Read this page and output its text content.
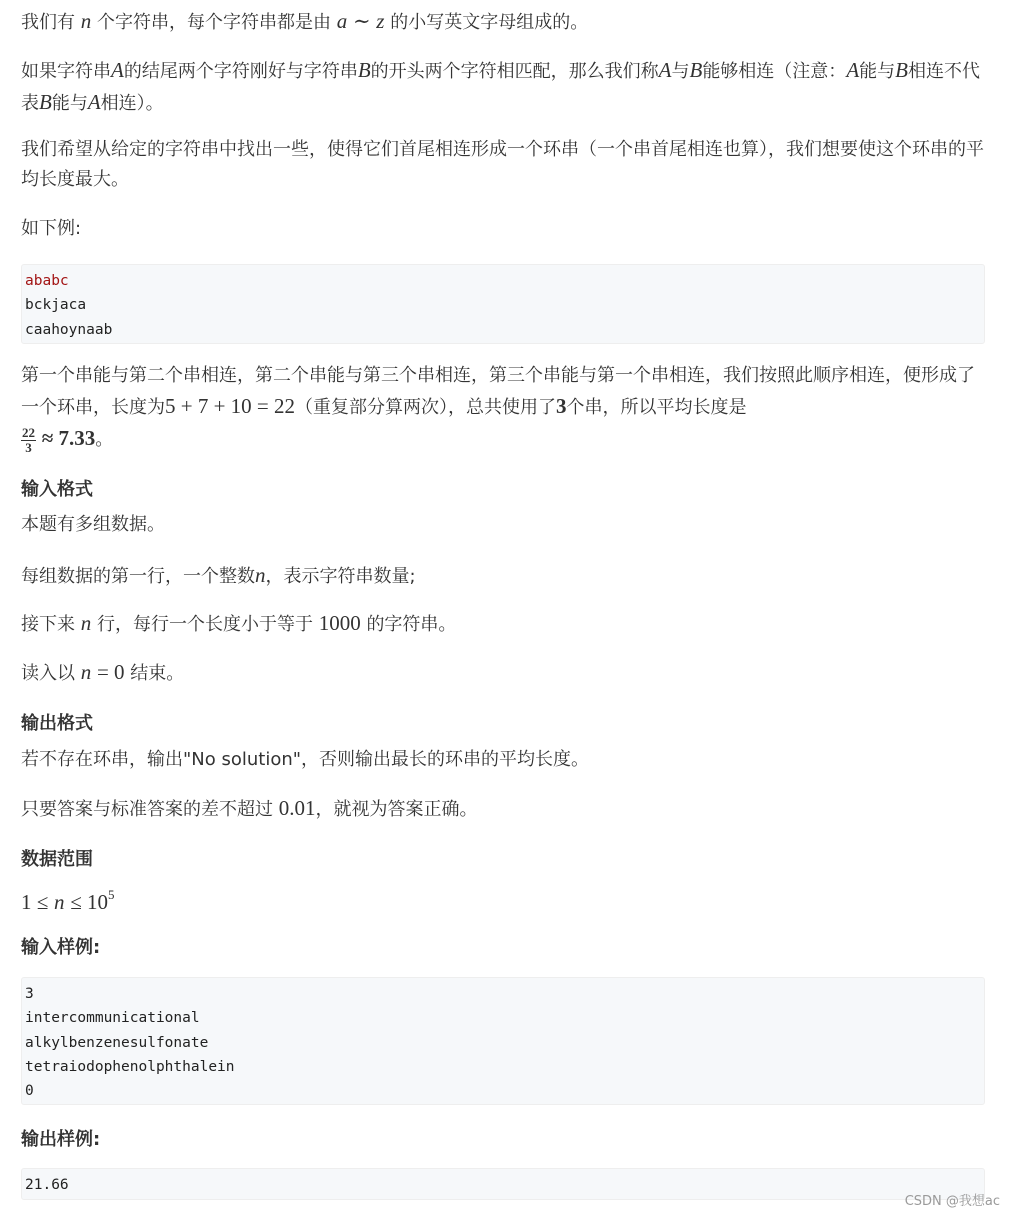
我们有 n 个字符串，每个字符串都是由 a ∼ z 的小写英文字母组成的。

如果字符串A的结尾两个字符刚好与字符串B的开头两个字符相匹配，那么我们称A与B能够相连（注意：A能与B相连不代表B能与A相连）。

我们希望从给定的字符串中找出一些，使得它们首尾相连形成一个环串（一个串首尾相连也算），我们想要使这个环串的平均长度最大。

如下例:

ababc
bckjaca
caahoynaab

第一个串能与第二个串相连，第二个串能与第三个串相连，第三个串能与第一个串相连，我们按照此顺序相连，便形成了一个环串，长度为5 + 7 + 10 = 22（重复部分算两次），总共使用了3个串，所以平均长度是

$\frac{22}{3} \approx 7.33$。

输入格式

本题有多组数据。

每组数据的第一行，一个整数n，表示字符串数量;

接下来 n 行，每行一个长度小于等于 1000 的字符串。

读入以 n = 0 结束。

输出格式

若不存在环串，输出"No solution"，否则输出最长的环串的平均长度。

只要答案与标准答案的差不超过 0.01，就视为答案正确。

数据范围

$1 \le n \le 10^5$

输入样例:
3
intercommunicational
alkylbenzenesulfonate
tetraiodophenolphthalein
0
输出样例:
21.66
CSDN @我想ac
